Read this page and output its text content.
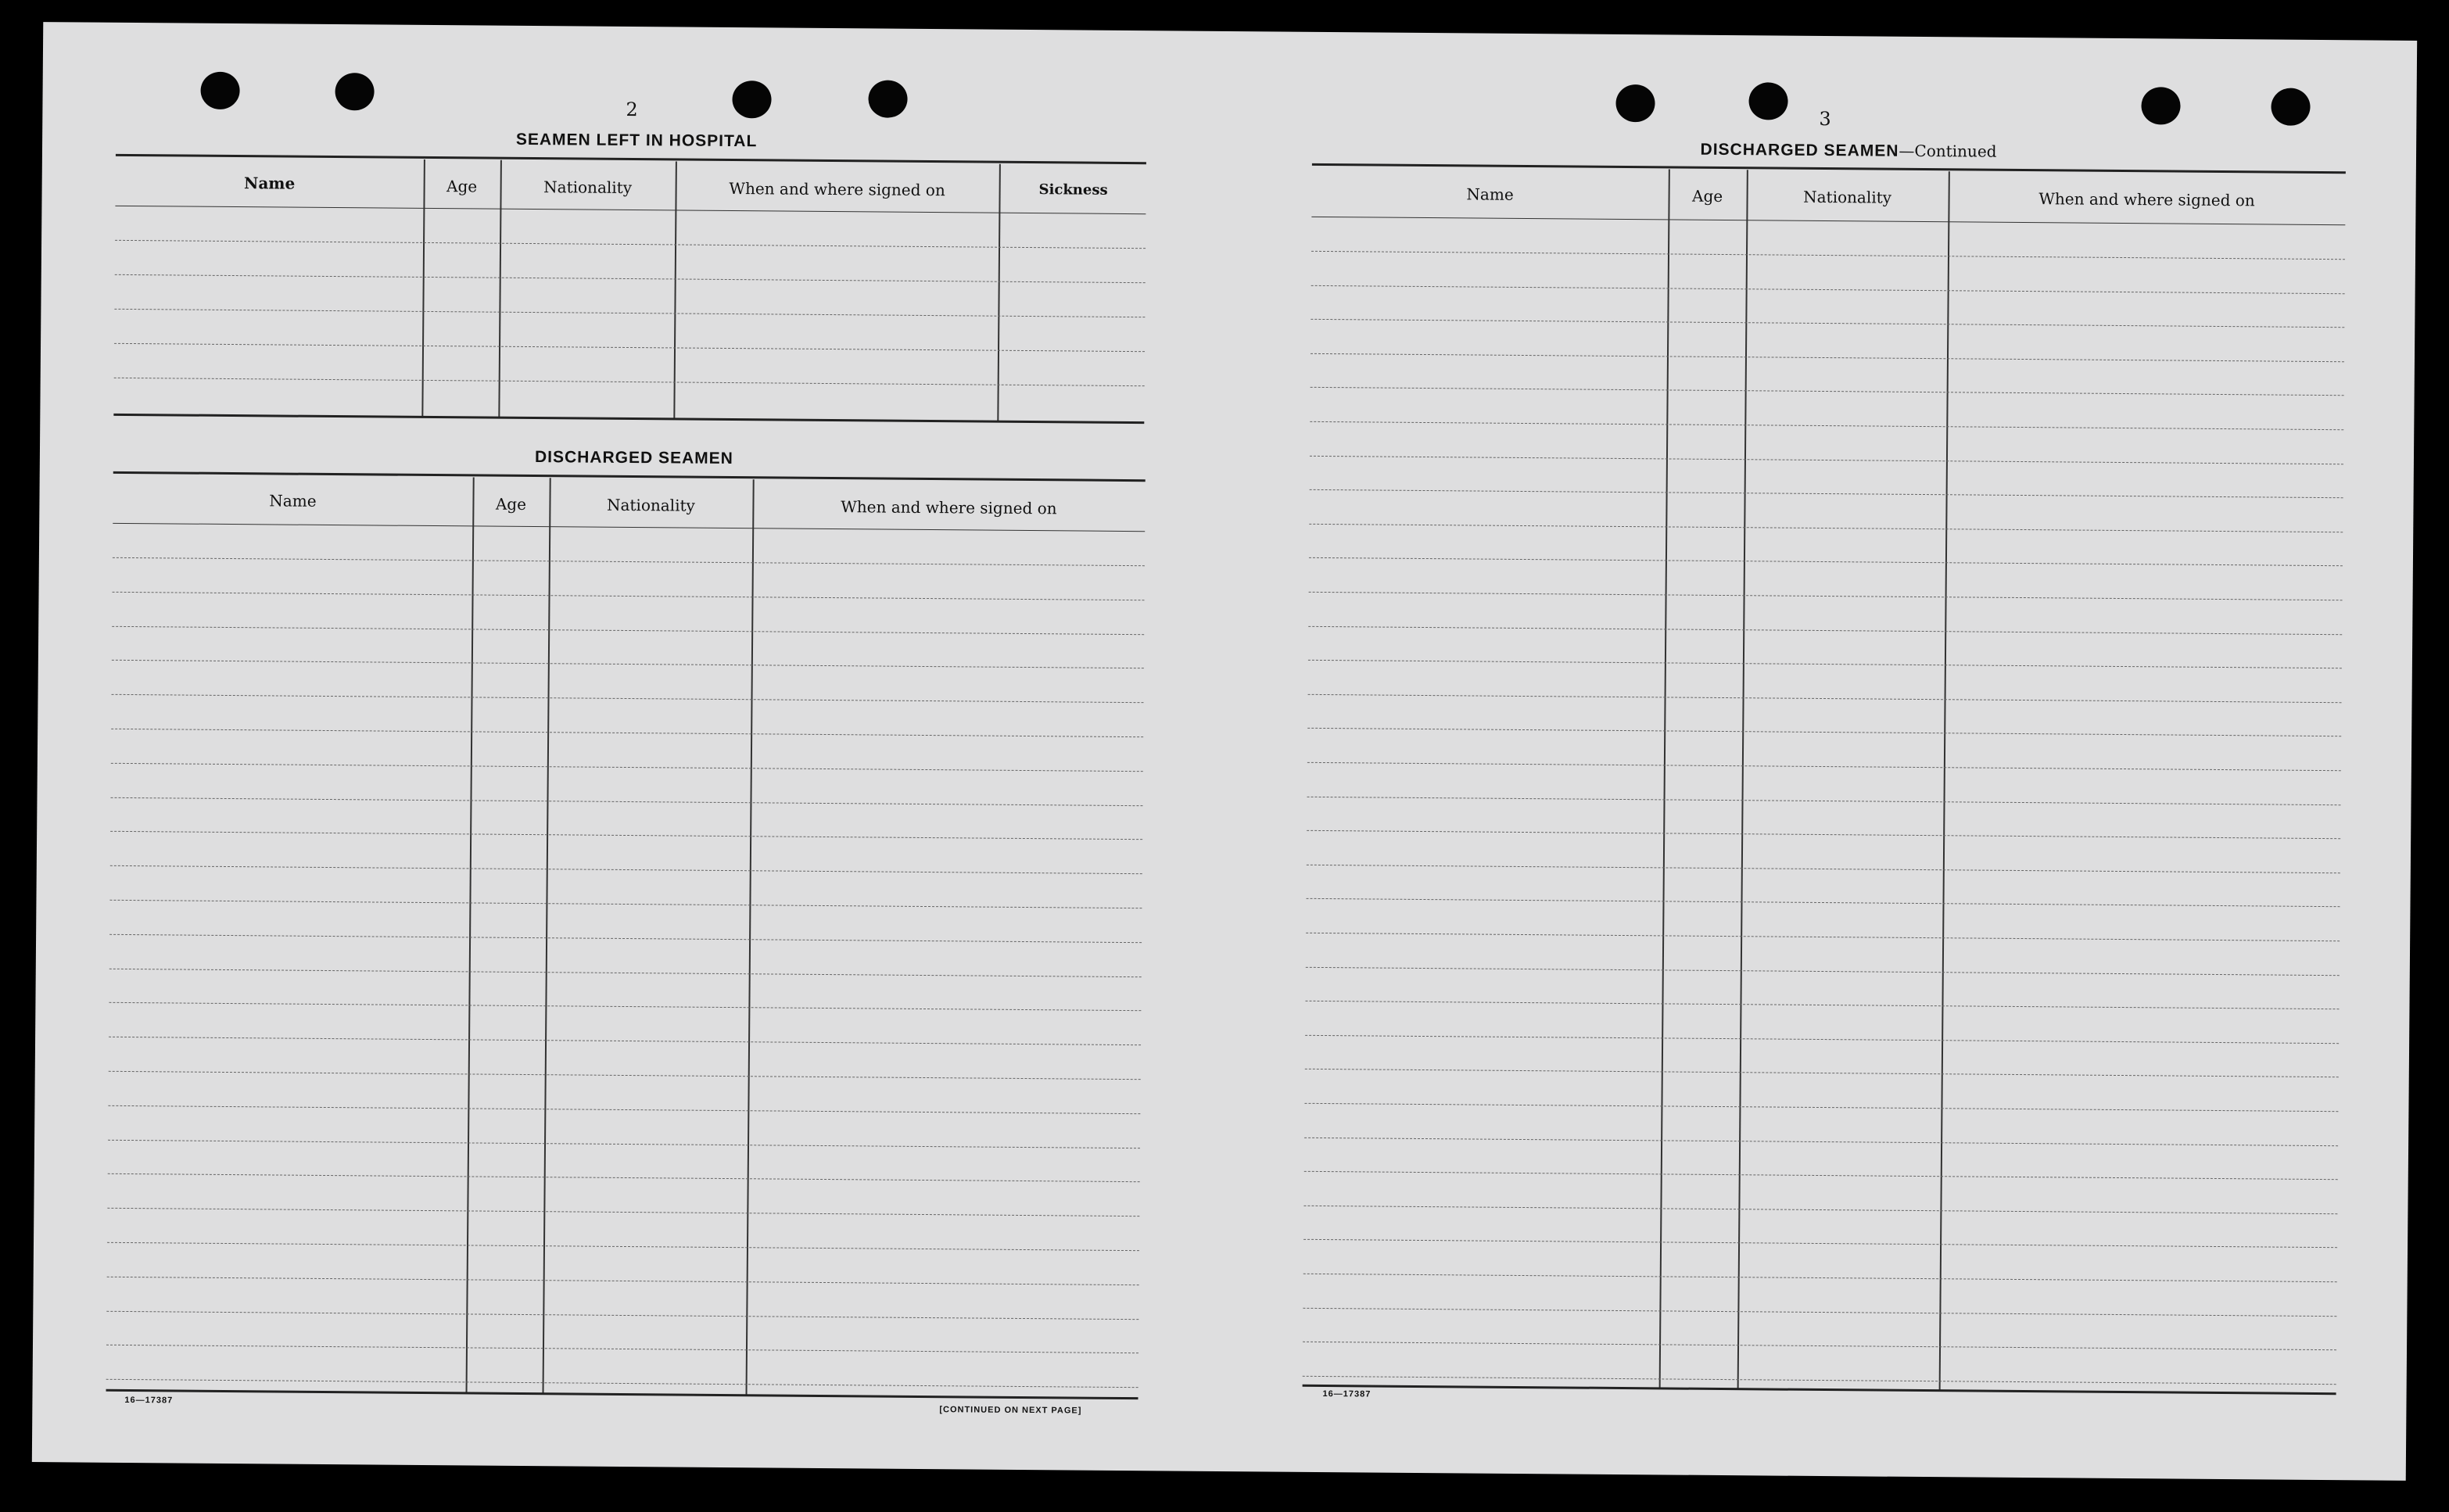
2
SEAMEN LEFT IN HOSPITAL
Name	Age	Nationality	When and where signed on	Sickness
DISCHARGED SEAMEN
Name	Age	Nationality	When and where signed on
16—17387
[CONTINUED ON NEXT PAGE]
3
DISCHARGED SEAMEN—Continued
Name	Age	Nationality	When and where signed on
16—17387
